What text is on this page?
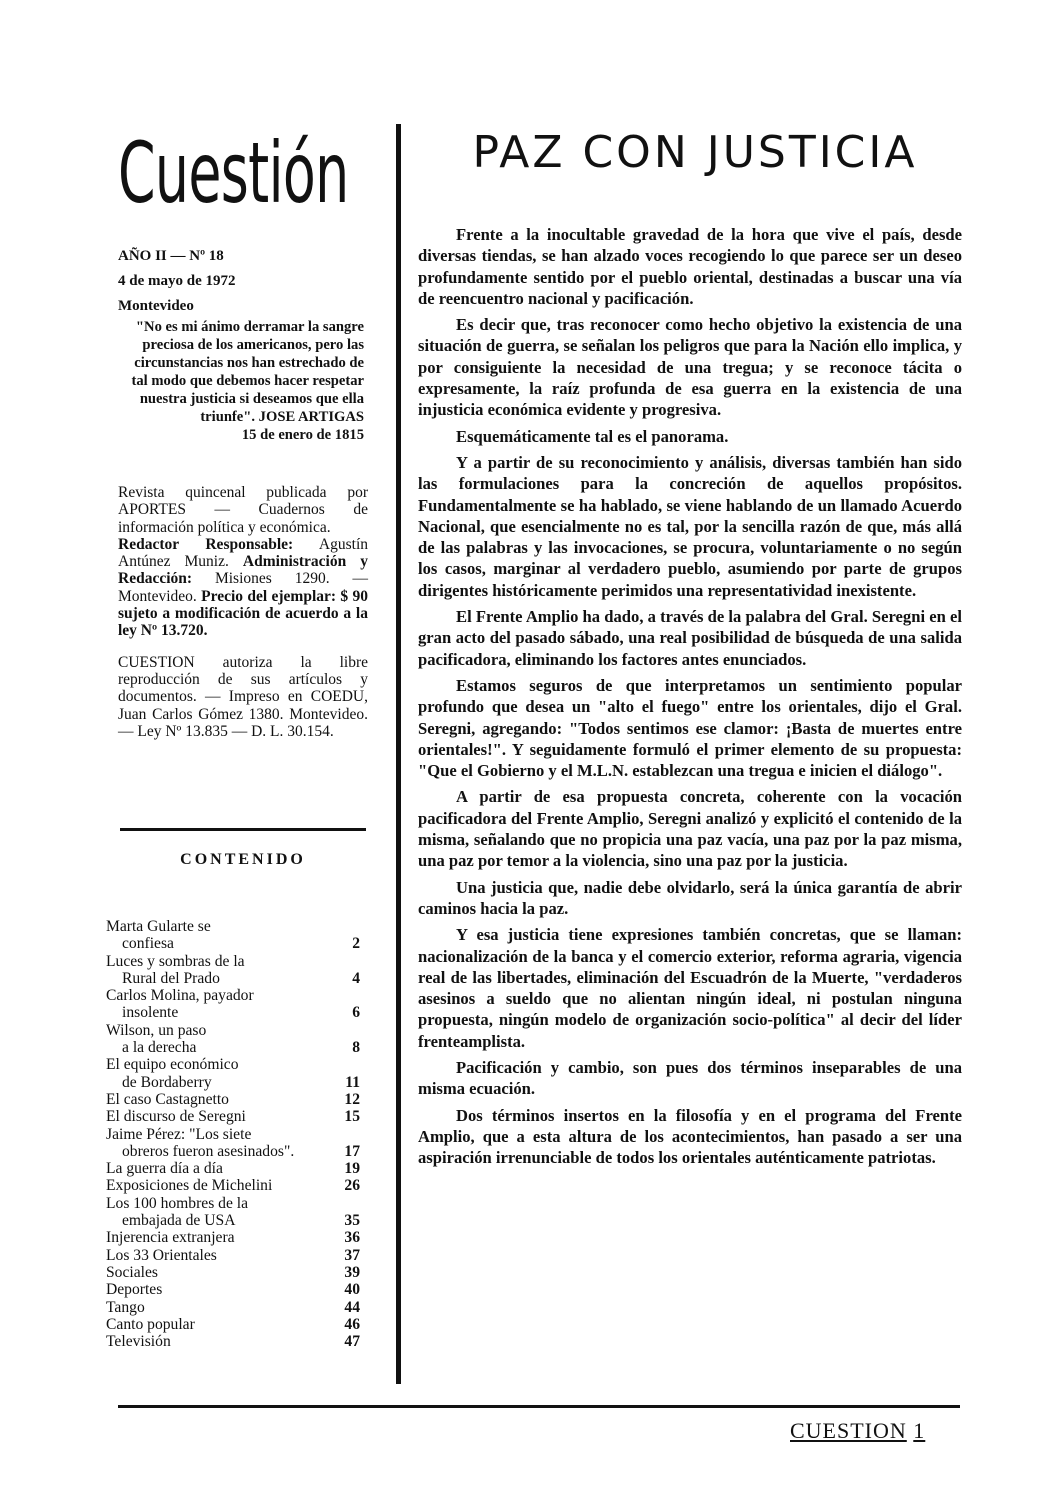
Cuestión
AÑO II — Nº 18
4 de mayo de 1972
Montevideo
"No es mi ánimo derramar la sangre preciosa de los americanos, pero las circunstancias nos han estrechado de tal modo que debemos hacer respetar nuestra justicia si deseamos que ella triunfe". JOSE ARTIGAS
15 de enero de 1815
Revista quincenal publicada por APORTES — Cuadernos de información política y económica.
Redactor Responsable: Agustín Antúnez Muniz. Administración y Redacción: Misiones 1290. — Montevideo. Precio del ejemplar: $ 90 sujeto a modificación de acuerdo a la ley Nº 13.720.
CUESTION autoriza la libre reproducción de sus artículos y documentos. — Impreso en COEDU, Juan Carlos Gómez 1380. Montevideo. — Ley Nº 13.835 — D. L. 30.154.
CONTENIDO
Marta Gularte se
confiesa	2
Luces y sombras de la
Rural del Prado	4
Carlos Molina, payador
insolente	6
Wilson, un paso
a la derecha	8
El equipo económico
de Bordaberry	11
El caso Castagnetto	12
El discurso de Seregni	15
Jaime Pérez: "Los siete
obreros fueron asesinados".	17
La guerra día a día	19
Exposiciones de Michelini	26
Los 100 hombres de la
embajada de USA	35
Injerencia extranjera	36
Los 33 Orientales	37
Sociales	39
Deportes	40
Tango	44
Canto popular	46
Televisión	47
PAZ CON JUSTICIA

Frente a la inocultable gravedad de la hora que vive el país, desde diversas tiendas, se han alzado voces recogiendo lo que parece ser un deseo profundamente sentido por el pueblo oriental, destinadas a buscar una vía de reencuentro nacional y pacificación.

Es decir que, tras reconocer como hecho objetivo la existencia de una situación de guerra, se señalan los peligros que para la Nación ello implica, y por consiguiente la necesidad de una tregua; y se reconoce tácita o expresamente, la raíz profunda de esa guerra en la existencia de una injusticia económica evidente y progresiva.

Esquemáticamente tal es el panorama.

Y a partir de su reconocimiento y análisis, diversas también han sido las formulaciones para la concreción de aquellos propósitos. Fundamentalmente se ha hablado, se viene hablando de un llamado Acuerdo Nacional, que esencialmente no es tal, por la sencilla razón de que, más allá de las palabras y las invocaciones, se procura, voluntariamente o no según los casos, marginar al verdadero pueblo, asumiendo por parte de grupos dirigentes históricamente perimidos una representatividad inexistente.

El Frente Amplio ha dado, a través de la palabra del Gral. Seregni en el gran acto del pasado sábado, una real posibilidad de búsqueda de una salida pacificadora, eliminando los factores antes enunciados.

Estamos seguros de que interpretamos un sentimiento popular profundo que desea un "alto el fuego" entre los orientales, dijo el Gral. Seregni, agregando: "Todos sentimos ese clamor: ¡Basta de muertes entre orientales!". Y seguidamente formuló el primer elemento de su propuesta: "Que el Gobierno y el M.L.N. establezcan una tregua e inicien el diálogo".

A partir de esa propuesta concreta, coherente con la vocación pacificadora del Frente Amplio, Seregni analizó y explicitó el contenido de la misma, señalando que no propicia una paz vacía, una paz por la paz misma, una paz por temor a la violencia, sino una paz por la justicia.

Una justicia que, nadie debe olvidarlo, será la única garantía de abrir caminos hacia la paz.

Y esa justicia tiene expresiones también concretas, que se llaman: nacionalización de la banca y el comercio exterior, reforma agraria, vigencia real de las libertades, eliminación del Escuadrón de la Muerte, "verdaderos asesinos a sueldo que no alientan ningún ideal, ni postulan ninguna propuesta, ningún modelo de organización socio-política" al decir del líder frenteamplista.

Pacificación y cambio, son pues dos términos inseparables de una misma ecuación.

Dos términos insertos en la filosofía y en el programa del Frente Amplio, que a esta altura de los acontecimientos, han pasado a ser una aspiración irrenunciable de todos los orientales auténticamente patriotas.

CUESTION 1
